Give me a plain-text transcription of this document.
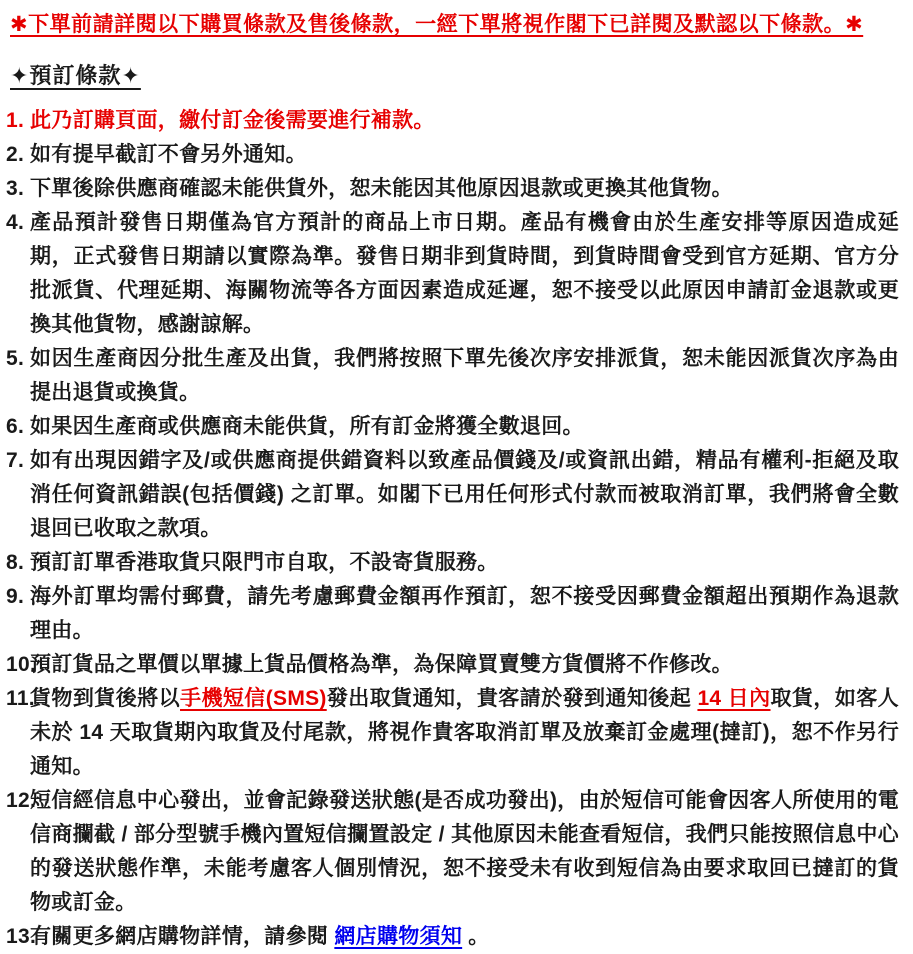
✱下單前請詳閱以下購買條款及售後條款，一經下單將視作閣下已詳閱及默認以下條款。✱
✦預訂條款✦
1. 此乃訂購頁面，繳付訂金後需要進行補款。
2. 如有提早截訂不會另外通知。
3. 下單後除供應商確認未能供貨外，恕未能因其他原因退款或更換其他貨物。
4. 產品預計發售日期僅為官方預計的商品上市日期。產品有機會由於生產安排等原因造成延期，正式發售日期請以實際為準。發售日期非到貨時間，到貨時間會受到官方延期、官方分批派貨、代理延期、海關物流等各方面因素造成延遲，恕不接受以此原因申請訂金退款或更換其他貨物，感謝諒解。
5. 如因生產商因分批生產及出貨，我們將按照下單先後次序安排派貨，恕未能因派貨次序為由提出退貨或換貨。
6. 如果因生產商或供應商未能供貨，所有訂金將獲全數退回。
7. 如有出現因錯字及/或供應商提供錯資料以致產品價錢及/或資訊出錯，精品有權利-拒絕及取消任何資訊錯誤(包括價錢) 之訂單。如閣下已用任何形式付款而被取消訂單，我們將會全數退回已收取之款項。
8. 預訂訂單香港取貨只限門市自取，不設寄貨服務。
9. 海外訂單均需付郵費，請先考慮郵費金額再作預訂，恕不接受因郵費金額超出預期作為退款理由。
10.
預訂貨品之單價以單據上貨品價格為準，為保障買賣雙方貨價將不作修改。
11.
貨物到貨後將以手機短信(SMS)發出取貨通知，貴客請於發到通知後起 14 日內取貨，如客人未於 14 天取貨期內取貨及付尾款，將視作貴客取消訂單及放棄訂金處理(撻訂)，恕不作另行通知。
12.
短信經信息中心發出，並會記錄發送狀態(是否成功發出)，由於短信可能會因客人所使用的電信商攔截 / 部分型號手機內置短信攔置設定 / 其他原因未能查看短信，我們只能按照信息中心的發送狀態作準，未能考慮客人個別情況，恕不接受未有收到短信為由要求取回已撻訂的貨物或訂金。
13.
有關更多網店購物詳情，請參閱 網店購物須知 。
